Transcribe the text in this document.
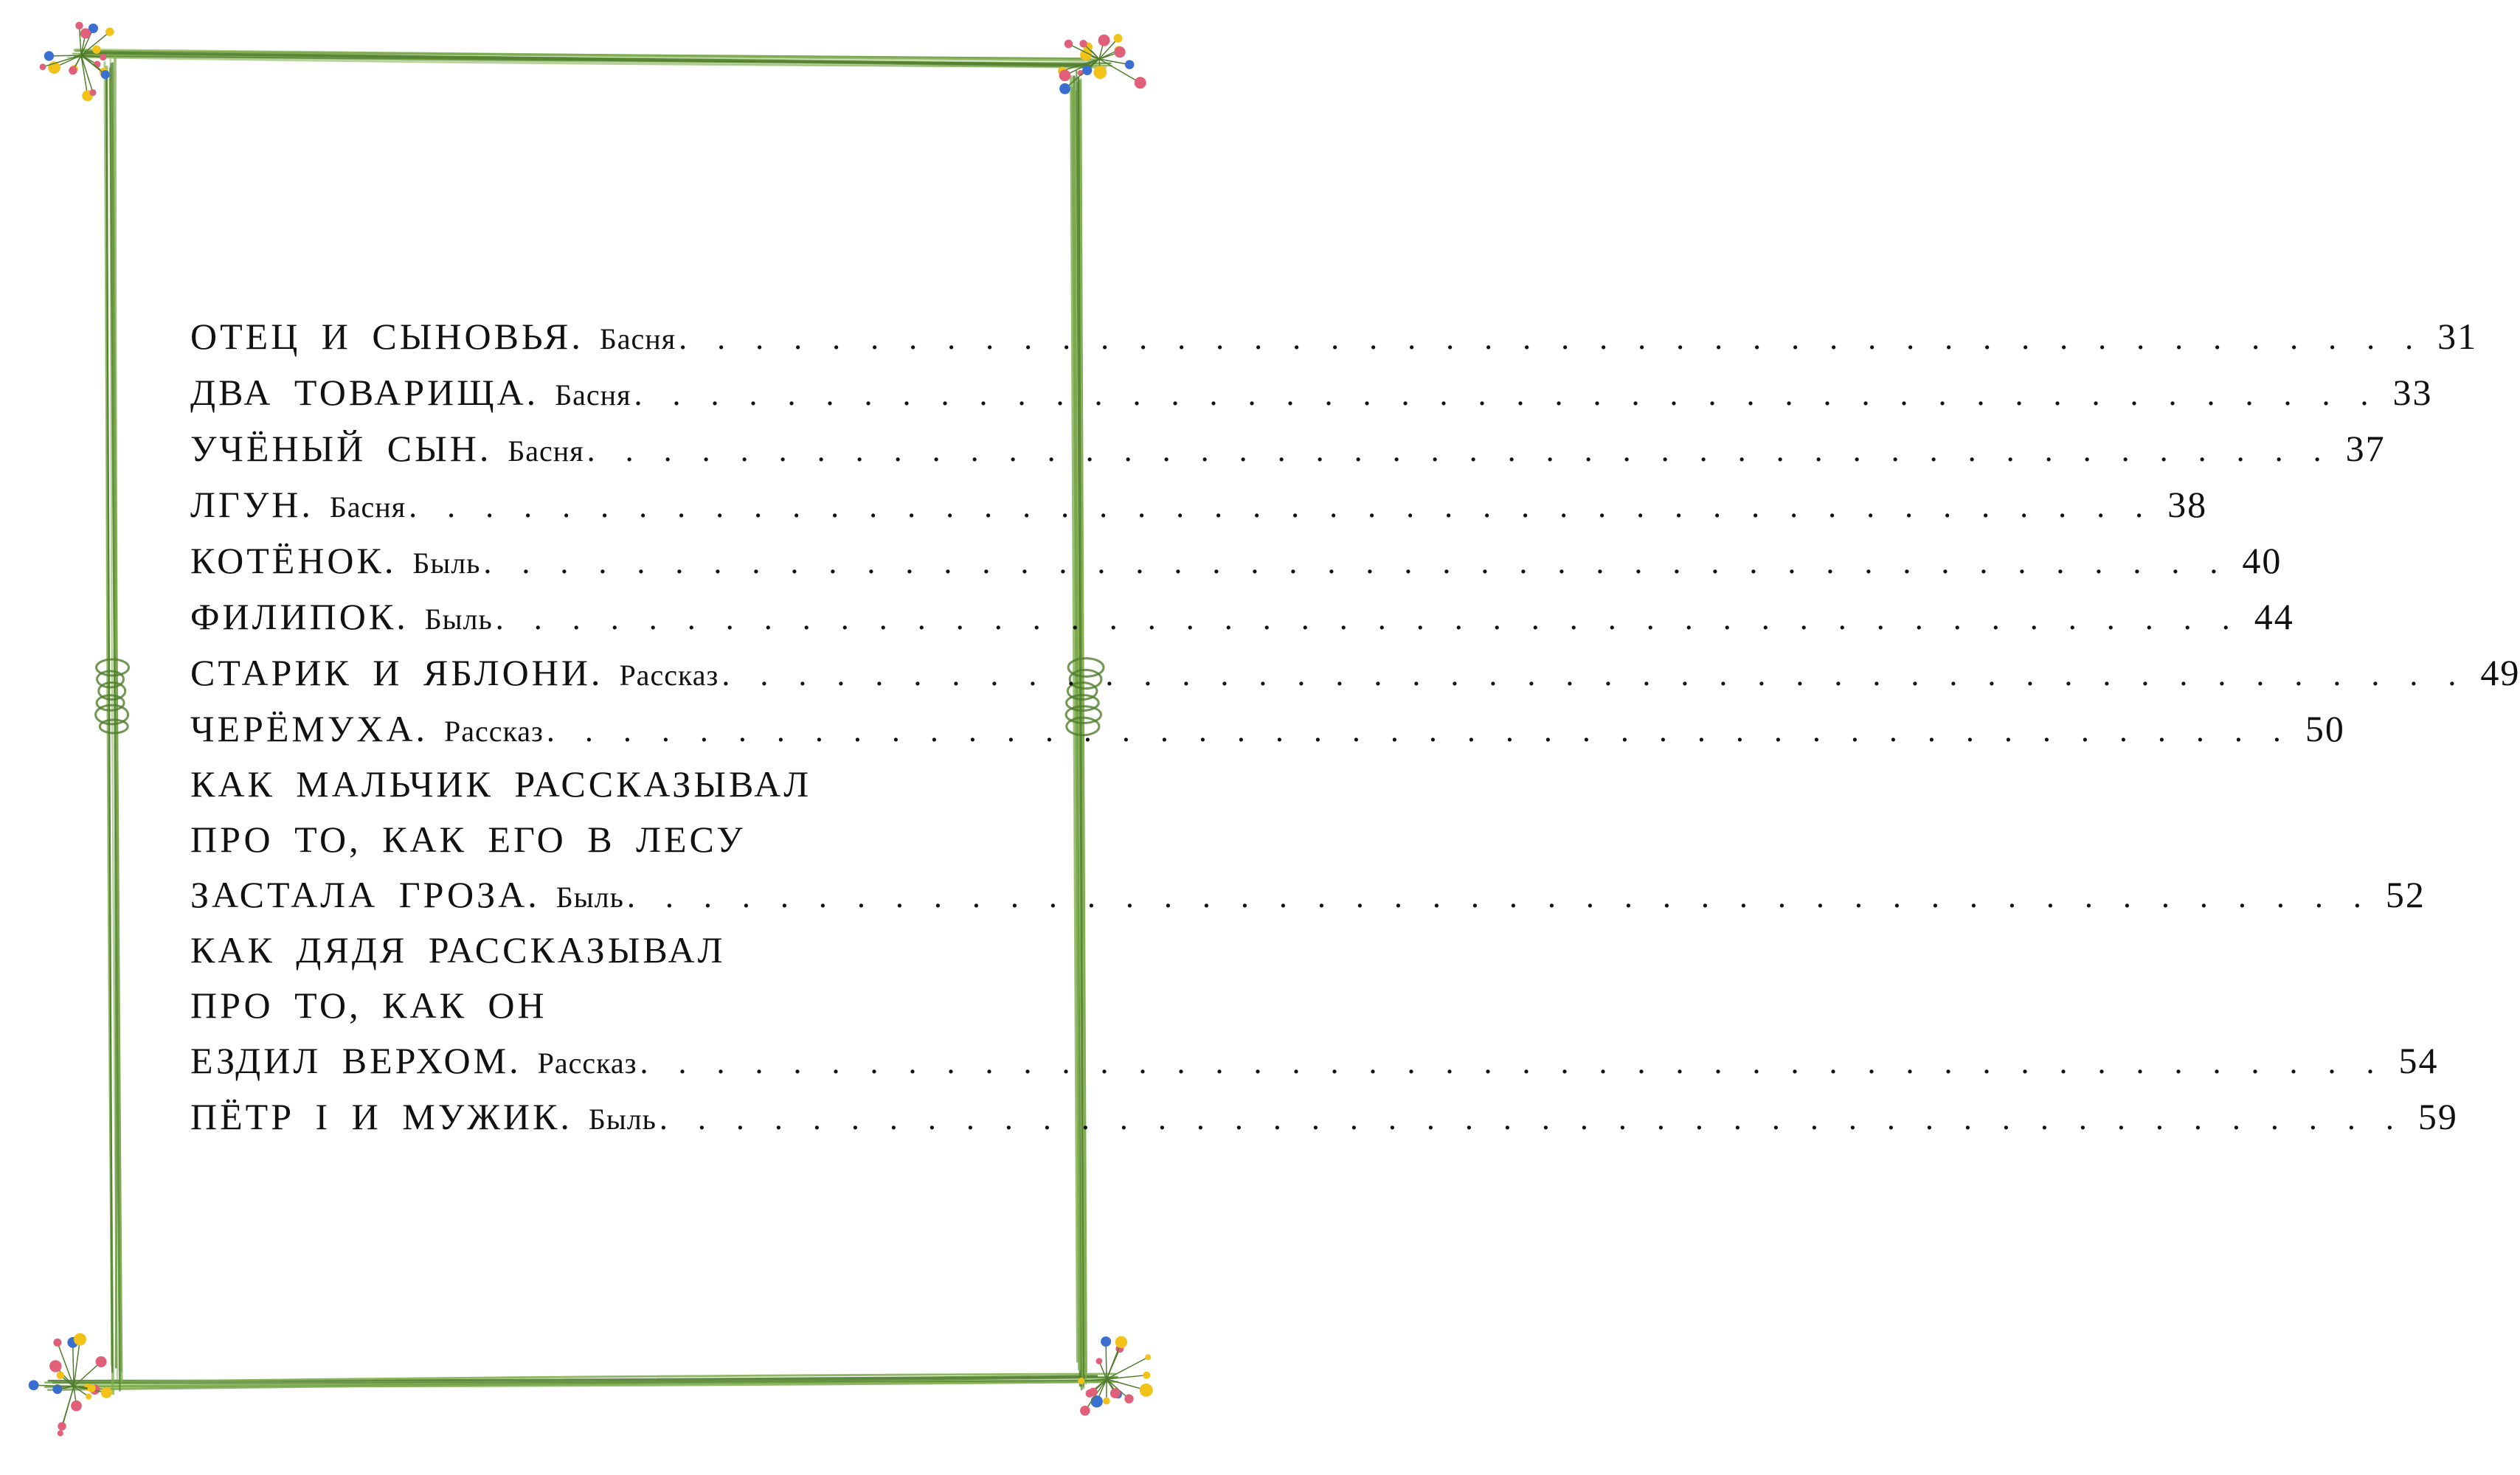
ОТЕЦ И СЫНОВЬЯ. Басня . . . . . . . . . . . . . . . . . . . . . . . . . . . . . . . . . . . . . . . . . . . . . . 31
ДВА ТОВАРИЩА. Басня . . . . . . . . . . . . . . . . . . . . . . . . . . . . . . . . . . . . . . . . . . . . . . 33
УЧЁНЫЙ СЫН. Басня . . . . . . . . . . . . . . . . . . . . . . . . . . . . . . . . . . . . . . . . . . . . . . 37
ЛГУН. Басня . . . . . . . . . . . . . . . . . . . . . . . . . . . . . . . . . . . . . . . . . . . . . . 38
КОТЁНОК. Быль . . . . . . . . . . . . . . . . . . . . . . . . . . . . . . . . . . . . . . . . . . . . . . 40
ФИЛИПОК. Быль . . . . . . . . . . . . . . . . . . . . . . . . . . . . . . . . . . . . . . . . . . . . . . 44
СТАРИК И ЯБЛОНИ. Рассказ . . . . . . . . . . . . . . . . . . . . . . . . . . . . . . . . . . . . . . . . . . . . . . 49
ЧЕРЁМУХА. Рассказ . . . . . . . . . . . . . . . . . . . . . . . . . . . . . . . . . . . . . . . . . . . . . . 50
КАК МАЛЬЧИК РАССКАЗЫВАЛ
ПРО ТО, КАК ЕГО В ЛЕСУ
ЗАСТАЛА ГРОЗА. Быль . . . . . . . . . . . . . . . . . . . . . . . . . . . . . . . . . . . . . . . . . . . . . . 52
КАК ДЯДЯ РАССКАЗЫВАЛ
ПРО ТО, КАК ОН
ЕЗДИЛ ВЕРХОМ. Рассказ . . . . . . . . . . . . . . . . . . . . . . . . . . . . . . . . . . . . . . . . . . . . . . 54
ПЁТР I И МУЖИК. Быль . . . . . . . . . . . . . . . . . . . . . . . . . . . . . . . . . . . . . . . . . . . . . . 59
